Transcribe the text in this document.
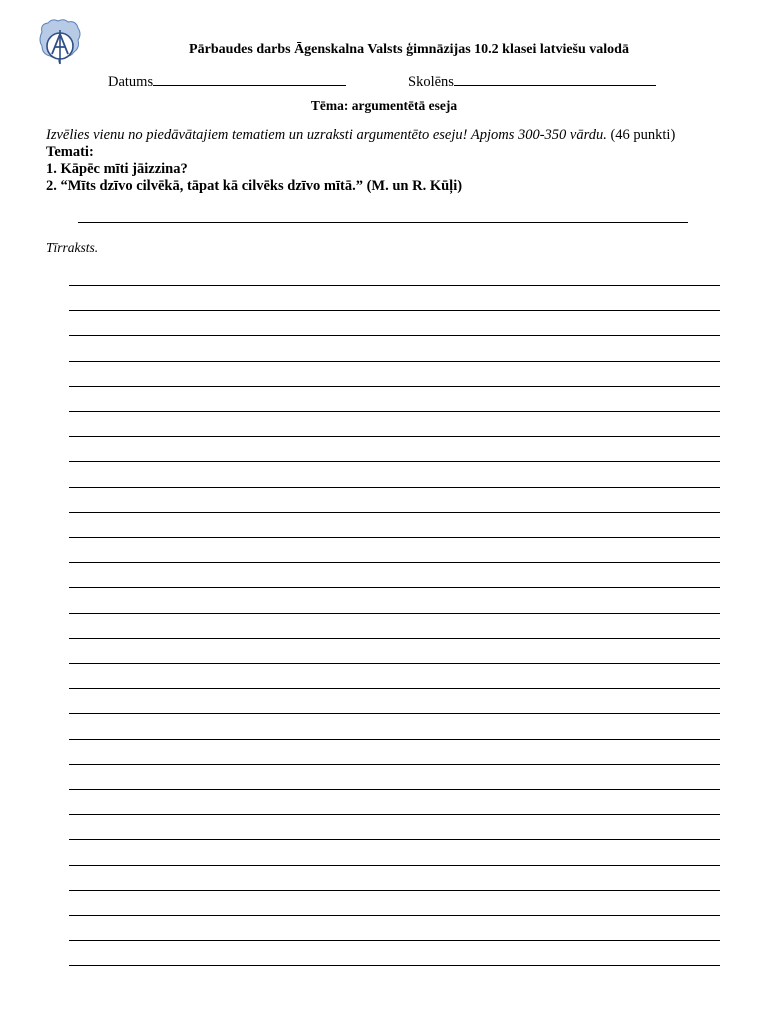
Pārbaudes darbs Āgenskalna Valsts ģimnāzijas 10.2 klasei latviešu valodā
Datums	Skolēns
Tēma: argumentētā eseja
Izvēlies vienu no piedāvātajiem tematiem un uzraksti argumentēto eseju! Apjoms 300-350 vārdu. (46 punkti)
Temati:
1. Kāpēc mīti jāizzina?
2. “Mīts dzīvo cilvēkā, tāpat kā cilvēks dzīvo mītā.” (M. un R. Kūļi)
Tīrraksts.
